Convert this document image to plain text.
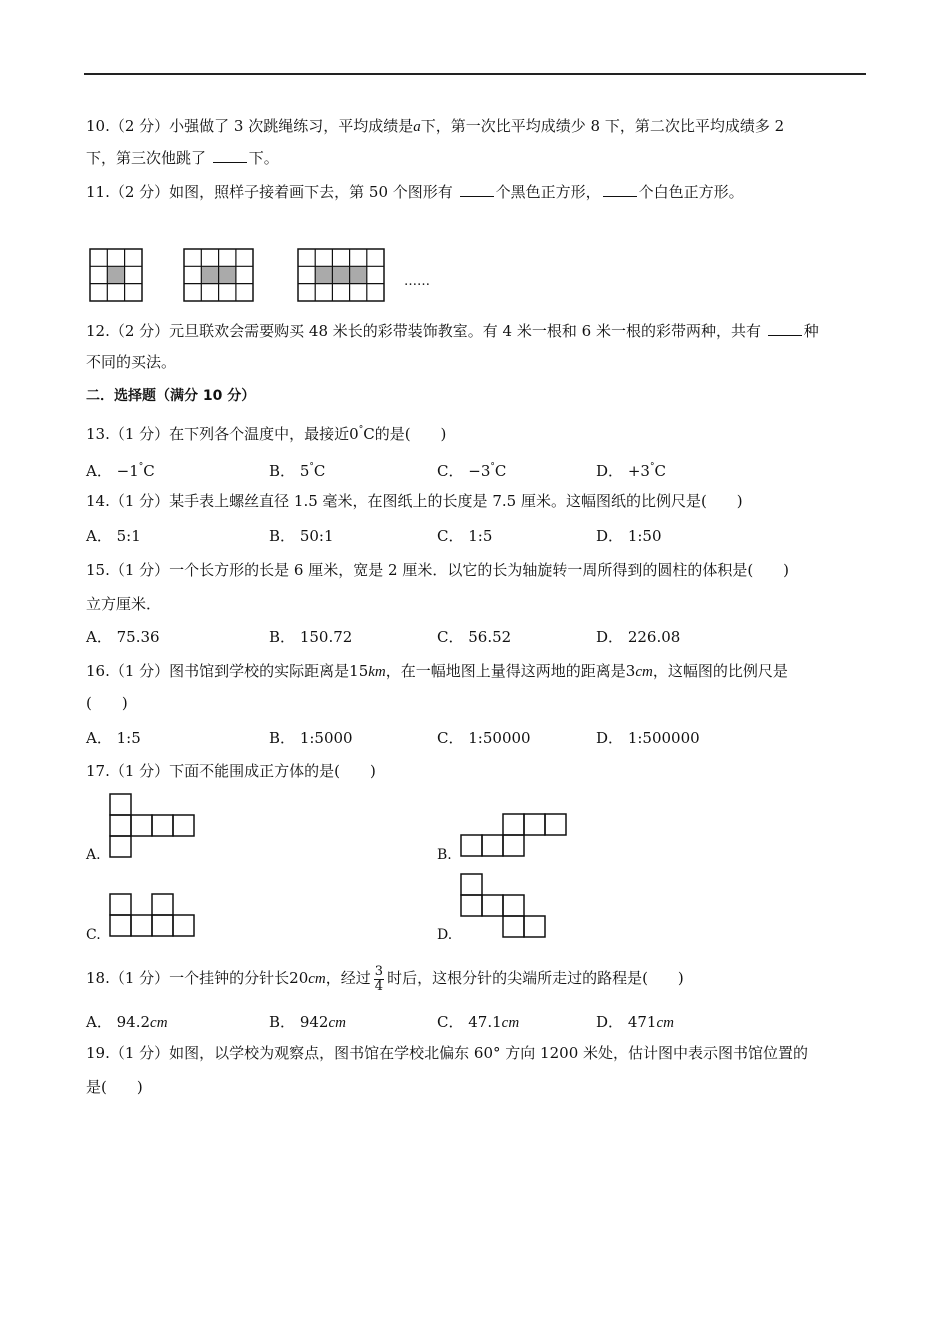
10.（2 分）小强做了 3 次跳绳练习，平均成绩是a下，第一次比平均成绩少 8 下，第二次比平均成绩多 2
下，第三次他跳了	下。
11.（2 分）如图，照样子接着画下去，第 50 个图形有	个黑色正方形，	个白色正方形。
……
12.（2 分）元旦联欢会需要购买 48 米长的彩带装饰教室。有 4 米一根和 6 米一根的彩带两种，共有	种
不同的买法。
二．选择题（满分 10 分）
13.（1 分）在下列各个温度中，最接近0°C的是(　　)
A． −1°C	B． 5°C	C． −3°C	D． +3°C
14.（1 分）某手表上螺丝直径 1.5 毫米，在图纸上的长度是 7.5 厘米。这幅图纸的比例尺是(　　)
A． 5:1	B． 50:1	C． 1:5	D． 1:50
15.（1 分）一个长方形的长是 6 厘米，宽是 2 厘米．以它的长为轴旋转一周所得到的圆柱的体积是(　　)
立方厘米．
A． 75.36	B． 150.72	C． 56.52	D． 226.08
16.（1 分）图书馆到学校的实际距离是15km，在一幅地图上量得这两地的距离是3cm，这幅图的比例尺是
(　　)
A． 1:5	B． 1:5000	C． 1:50000	D． 1:500000
17.（1 分）下面不能围成正方体的是(　　)
A.	B.
C.	D.
18.（1 分）一个挂钟的分针长20cm，经过 $\frac{3}{4}$ 时后，这根分针的尖端所走过的路程是(　　)
A． 94.2cm	B． 942cm	C． 47.1cm	D． 471cm
19.（1 分）如图，以学校为观察点，图书馆在学校北偏东 60° 方向 1200 米处，估计图中表示图书馆位置的
是(　　)
